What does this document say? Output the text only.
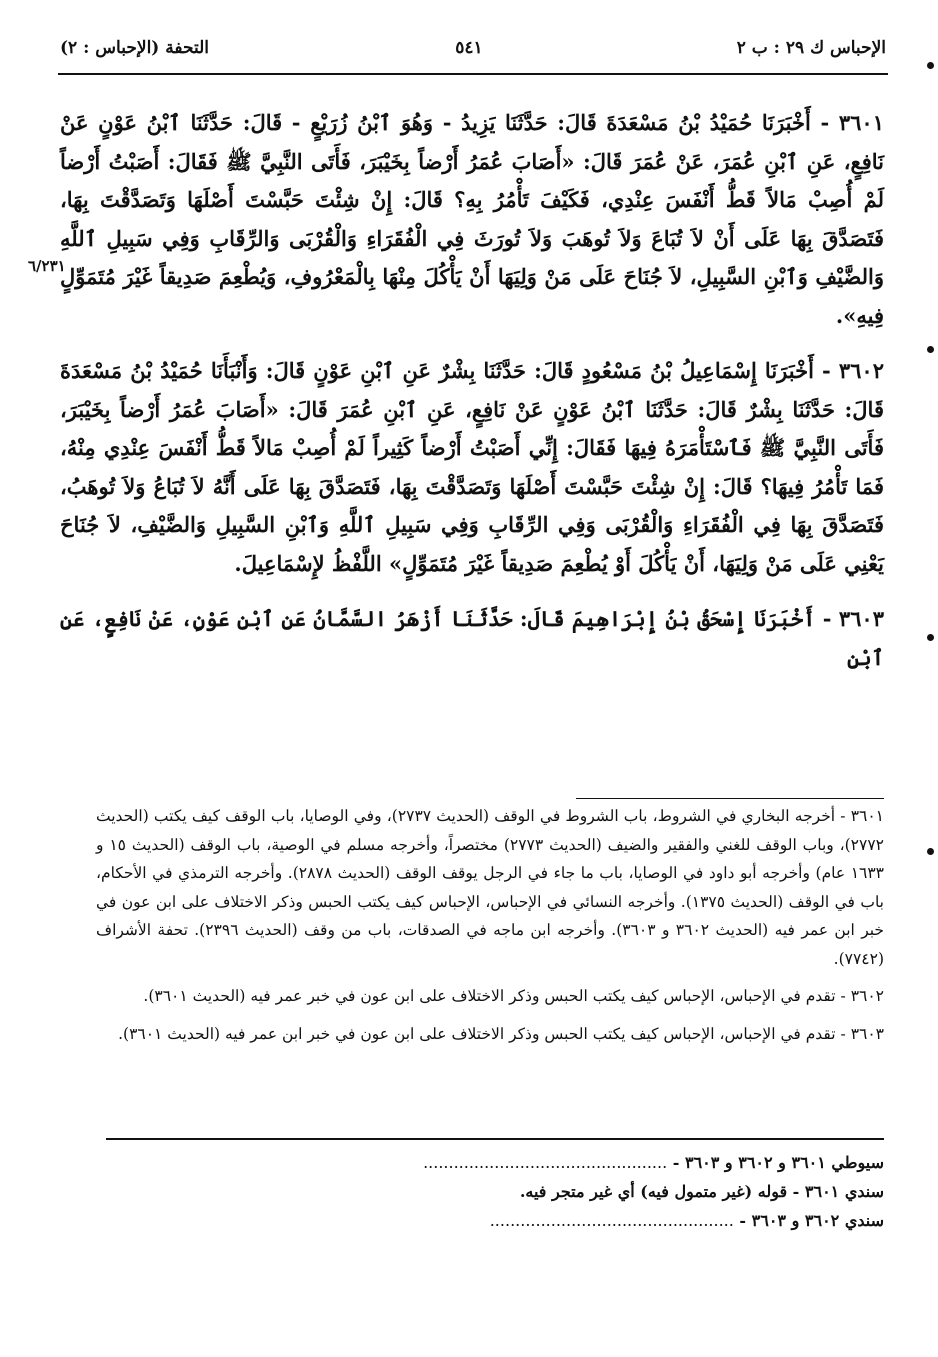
الإحباس ك ٢٩ : ب ٢
٥٤١
التحفة (الإحباس : ٢)
٦/٢٣١

٣٦٠١ - أَخْبَرَنَا حُمَيْدُ بْنُ مَسْعَدَةَ قَالَ: حَدَّثَنَا يَزِيدُ - وَهُوَ ٱبْنُ زُرَيْعٍ - قَالَ: حَدَّثَنَا ٱبْنُ عَوْنٍ عَنْ نَافِعٍ، عَنِ ٱبْنِ عُمَرَ، عَنْ عُمَرَ قَالَ: «أَصَابَ عُمَرُ أَرْضاً بِخَيْبَرَ، فَأَتَى النَّبِيَّ ﷺ فَقَالَ: أَصَبْتُ أَرْضاً لَمْ أُصِبْ مَالاً قَطُّ أَنْفَسَ عِنْدِي، فَكَيْفَ تَأْمُرُ بِهِ؟ قَالَ: إِنْ شِئْتَ حَبَّسْتَ أَصْلَهَا وَتَصَدَّقْتَ بِهَا، فَتَصَدَّقَ بِهَا عَلَى أَنْ لاَ تُبَاعَ وَلاَ تُوهَبَ وَلاَ تُورَثَ فِي الْفُقَرَاءِ وَالْقُرْبَى وَالرِّقَابِ وَفِي سَبِيلِ ٱللَّهِ وَالضَّيْفِ وَٱبْنِ السَّبِيلِ، لاَ جُنَاحَ عَلَى مَنْ وَلِيَهَا أَنْ يَأْكُلَ مِنْهَا بِالْمَعْرُوفِ، وَيُطْعِمَ صَدِيقاً غَيْرَ مُتَمَوِّلٍ فِيهِ».

٣٦٠٢ - أَخْبَرَنَا إِسْمَاعِيلُ بْنُ مَسْعُودٍ قَالَ: حَدَّثَنَا بِشْرٌ عَنِ ٱبْنِ عَوْنٍ قَالَ: وَأَنْبَأَنَا حُمَيْدُ بْنُ مَسْعَدَةَ قَالَ: حَدَّثَنَا بِشْرٌ قَالَ: حَدَّثَنَا ٱبْنُ عَوْنٍ عَنْ نَافِعٍ، عَنِ ٱبْنِ عُمَرَ قَالَ: «أَصَابَ عُمَرُ أَرْضاً بِخَيْبَرَ، فَأَتَى النَّبِيَّ ﷺ فَٱسْتَأْمَرَهُ فِيهَا فَقَالَ: إِنِّي أَصَبْتُ أَرْضاً كَثِيراً لَمْ أُصِبْ مَالاً قَطُّ أَنْفَسَ عِنْدِي مِنْهُ، فَمَا تَأْمُرُ فِيهَا؟ قَالَ: إِنْ شِئْتَ حَبَّسْتَ أَصْلَهَا وَتَصَدَّقْتَ بِهَا، فَتَصَدَّقَ بِهَا عَلَى أَنَّهُ لاَ تُبَاعُ وَلاَ تُوهَبُ، فَتَصَدَّقَ بِهَا فِي الْفُقَرَاءِ وَالْقُرْبَى وَفِي الرِّقَابِ وَفِي سَبِيلِ ٱللَّهِ وَٱبْنِ السَّبِيلِ وَالضَّيْفِ، لاَ جُنَاحَ يَعْنِي عَلَى مَنْ وَلِيَهَا، أَنْ يَأْكُلَ أَوْ يُطْعِمَ صَدِيقاً غَيْرَ مُتَمَوِّلٍ» اللَّفْظُ لإِسْمَاعِيلَ.

٣٦٠٣ - أَخْبَرَنَا إِسْحَقُ بْنُ إِبْرَاهِيمَ قَالَ: حَدَّثَنَا أَزْهَرُ السَّمَّانُ عَنِ ٱبْنِ عَوْنٍ، عَنْ نَافِعٍ، عَنِ ٱبْنِ

٣٦٠١ - أخرجه البخاري في الشروط، باب الشروط في الوقف (الحديث ٢٧٣٧)، وفي الوصايا، باب الوقف كيف يكتب (الحديث ٢٧٧٢)، وباب الوقف للغني والفقير والضيف (الحديث ٢٧٧٣) مختصراً، وأخرجه مسلم في الوصية، باب الوقف (الحديث ١٥ و ١٦٣٣ عام) وأخرجه أبو داود في الوصايا، باب ما جاء في الرجل يوقف الوقف (الحديث ٢٨٧٨). وأخرجه الترمذي في الأحكام، باب في الوقف (الحديث ١٣٧٥). وأخرجه النسائي في الإحباس، الإحباس كيف يكتب الحبس وذكر الاختلاف على ابن عون في خبر ابن عمر فيه (الحديث ٣٦٠٢ و ٣٦٠٣). وأخرجه ابن ماجه في الصدقات، باب من وقف (الحديث ٢٣٩٦). تحفة الأشراف (٧٧٤٢).

٣٦٠٢ - تقدم في الإحباس، الإحباس كيف يكتب الحبس وذكر الاختلاف على ابن عون في خبر عمر فيه (الحديث ٣٦٠١).

٣٦٠٣ - تقدم في الإحباس، الإحباس كيف يكتب الحبس وذكر الاختلاف على ابن عون في خبر ابن عمر فيه (الحديث ٣٦٠١).

سيوطي ٣٦٠١ و ٣٦٠٢ و ٣٦٠٣ - ................................................
سندي ٣٦٠١ - قوله (غير متمول فيه) أي غير متجر فيه.
سندي ٣٦٠٢ و ٣٦٠٣ - ................................................
